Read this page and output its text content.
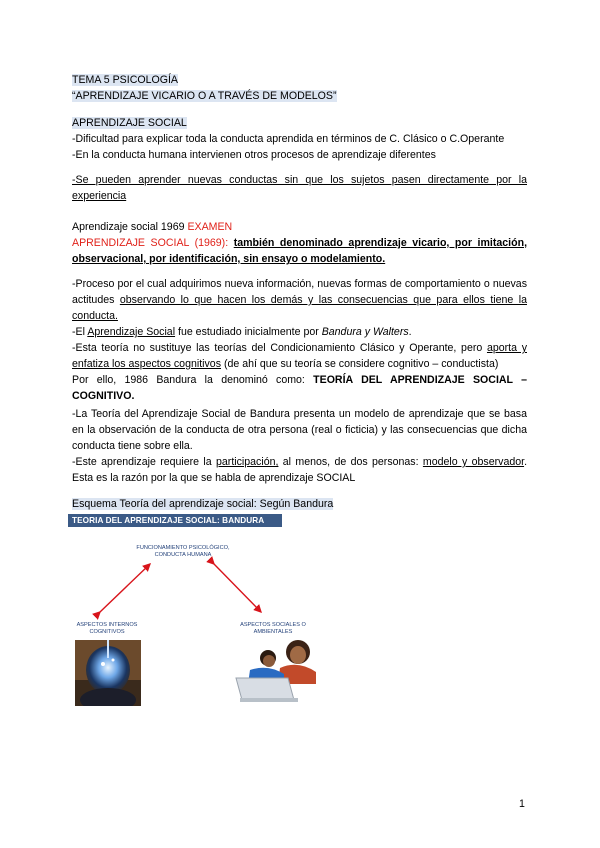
TEMA 5 PSICOLOGÍA

“APRENDIZAJE VICARIO O A TRAVÉS DE MODELOS”

APRENDIZAJE SOCIAL

-Dificultad para explicar toda la conducta aprendida en términos de C. Clásico o C.Operante

-En la conducta humana intervienen otros procesos de aprendizaje diferentes

-Se pueden aprender nuevas conductas sin que los sujetos pasen directamente por la experiencia

Aprendizaje social 1969 EXAMEN

APRENDIZAJE SOCIAL (1969): también denominado aprendizaje vicario, por imitación, observacional, por identificación, sin ensayo o modelamiento.

-Proceso por el cual adquirimos nueva información, nuevas formas de comportamiento o nuevas actitudes observando lo que hacen los demás y las consecuencias que para ellos tiene la conducta.

-El Aprendizaje Social fue estudiado inicialmente por Bandura y Walters.

-Esta teoría no sustituye las teorías del Condicionamiento Clásico y Operante, pero aporta y enfatiza los aspectos cognitivos (de ahí que su teoría se considere cognitivo – conductista)

Por ello, 1986 Bandura la denominó como: TEORÍA DEL APRENDIZAJE SOCIAL – COGNITIVO.

-La Teoría del Aprendizaje Social de Bandura presenta un modelo de aprendizaje que se basa en la observación de la conducta de otra persona (real o ficticia) y las consecuencias que dicha conducta tiene sobre ella.

-Este aprendizaje requiere la participación, al menos, de dos personas: modelo y observador. Esta es la razón por la que se habla de aprendizaje SOCIAL

Esquema Teoría del aprendizaje social: Según Bandura

TEORIA DEL APRENDIZAJE SOCIAL: BANDURA
FUNCIONAMIENTO PSICOLÓGICO,
CONDUCTA HUMANA
ASPECTOS INTERNOS
COGNITIVOS
ASPECTOS SOCIALES O
AMBIENTALES
1
